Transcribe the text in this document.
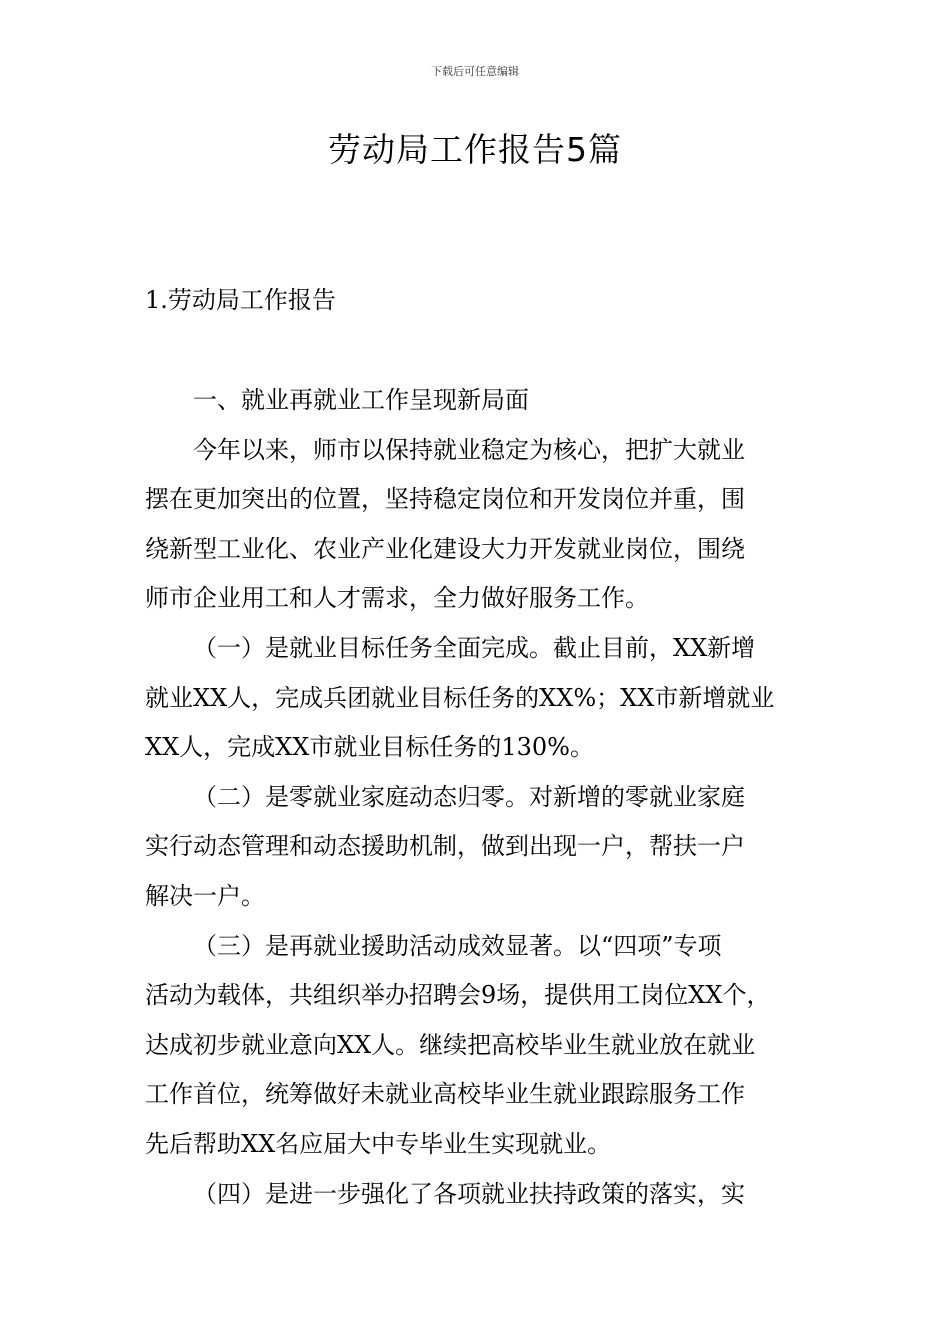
下载后可任意编辑
劳动局工作报告5篇
1.劳动局工作报告

一、就业再就业工作呈现新局面

今年以来，师市以保持就业稳定为核心，把扩大就业

摆在更加突出的位置，坚持稳定岗位和开发岗位并重，围

绕新型工业化、农业产业化建设大力开发就业岗位，围绕

师市企业用工和人才需求，全力做好服务工作。

（一）是就业目标任务全面完成。截止目前，XX新增

就业XX人，完成兵团就业目标任务的XX%；XX市新增就业

XX人，完成XX市就业目标任务的130%。

（二）是零就业家庭动态归零。对新增的零就业家庭

实行动态管理和动态援助机制，做到出现一户，帮扶一户

解决一户。

（三）是再就业援助活动成效显著。以“四项”专项

活动为载体，共组织举办招聘会9场，提供用工岗位XX个，

达成初步就业意向XX人。继续把高校毕业生就业放在就业

工作首位，统筹做好未就业高校毕业生就业跟踪服务工作

先后帮助XX名应届大中专毕业生实现就业。

（四）是进一步强化了各项就业扶持政策的落实，实
